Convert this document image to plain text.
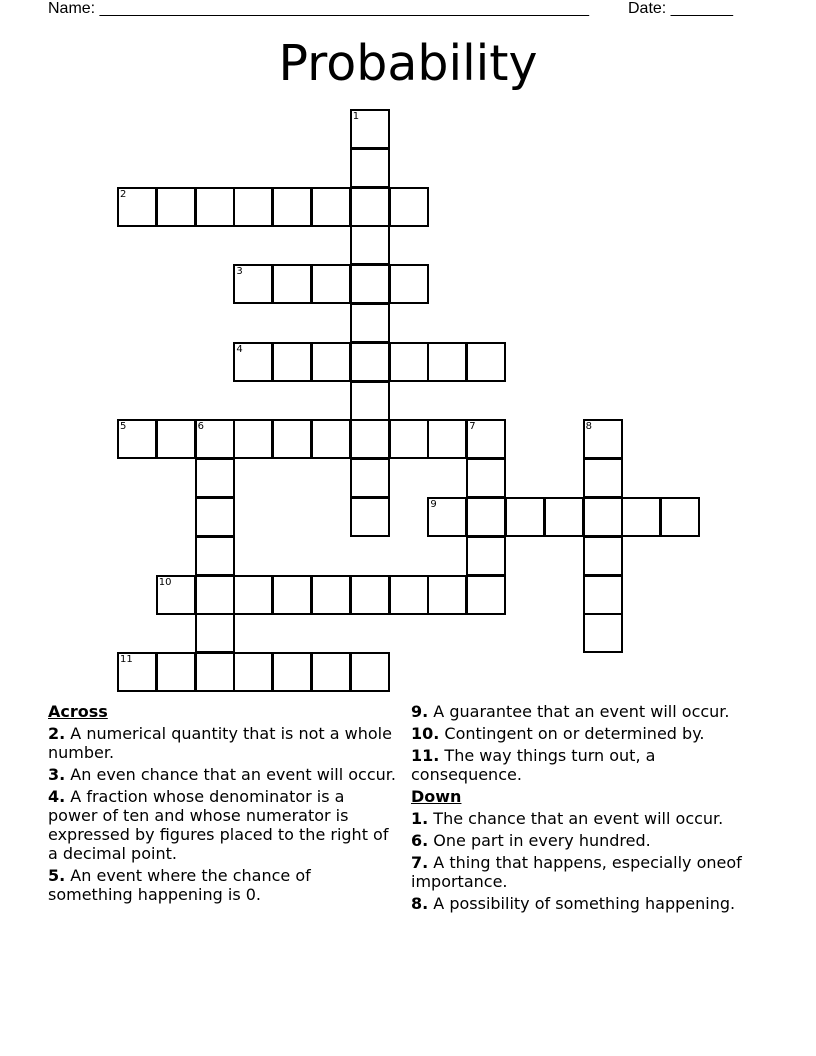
Name: _______________________________________________________ Date: _______
Probability
1
2
3
4
5	6	7	8
9
10
11
Across
2. A numerical quantity that is not a whole number.
3. An even chance that an event will occur.
4. A fraction whose denominator is a power of ten and whose numerator is expressed by figures placed to the right of a decimal point.
5. An event where the chance of something happening is 0.
9. A guarantee that an event will occur.
10. Contingent on or determined by.
11. The way things turn out, a consequence.
Down
1. The chance that an event will occur.
6. One part in every hundred.
7. A thing that happens, especially oneof importance.
8. A possibility of something happening.
